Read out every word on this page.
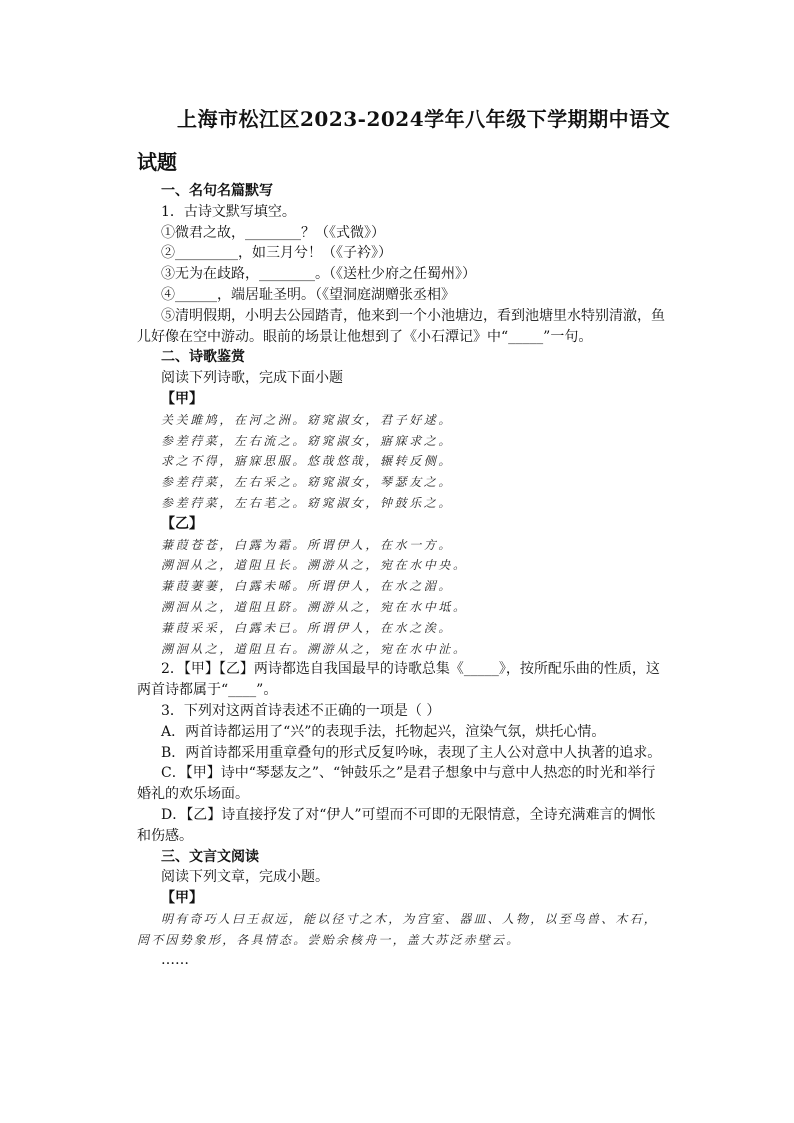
上海市松江区2023-2024学年八年级下学期期中语文
试题

一、名句名篇默写

1．古诗文默写填空。

①微君之故，________？（《式微》）

②_________，如三月兮！（《子衿》）

③无为在歧路，________。（《送杜少府之任蜀州》）

④______，端居耻圣明。（《望洞庭湖赠张丞相》

⑤清明假期，小明去公园踏青，他来到一个小池塘边，看到池塘里水特别清澈，鱼儿好像在空中游动。眼前的场景让他想到了《小石潭记》中“_____”一句。

二、诗歌鉴赏

阅读下列诗歌，完成下面小题

【甲】

关关雎鸠，在河之洲。窈窕淑女，君子好逑。

参差荇菜，左右流之。窈窕淑女，寤寐求之。

求之不得，寤寐思服。悠哉悠哉，辗转反侧。

参差荇菜，左右采之。窈窕淑女，琴瑟友之。

参差荇菜，左右芼之。窈窕淑女，钟鼓乐之。

【乙】

蒹葭苍苍，白露为霜。所谓伊人，在水一方。

溯洄从之，道阻且长。溯游从之，宛在水中央。

蒹葭萋萋，白露未晞。所谓伊人，在水之湄。

溯洄从之，道阻且跻。溯游从之，宛在水中坻。

蒹葭采采，白露未已。所谓伊人，在水之涘。

溯洄从之，道阻且右。溯游从之，宛在水中沚。

2．【甲】【乙】两诗都选自我国最早的诗歌总集《_____》，按所配乐曲的性质，这两首诗都属于“____”。

3．下列对这两首诗表述不正确的一项是（ ）

A．两首诗都运用了“兴”的表现手法，托物起兴，渲染气氛，烘托心情。

B．两首诗都采用重章叠句的形式反复吟咏，表现了主人公对意中人执著的追求。

C．【甲】诗中“琴瑟友之”、“钟鼓乐之”是君子想象中与意中人热恋的时光和举行婚礼的欢乐场面。

D．【乙】诗直接抒发了对“伊人”可望而不可即的无限情意，全诗充满难言的惆怅和伤感。

三、文言文阅读

阅读下列文章，完成小题。

【甲】

明有奇巧人曰王叔远，能以径寸之木，为宫室、器皿、人物，以至鸟兽、木石，罔不因势象形，各具情态。尝贻余核舟一，盖大苏泛赤壁云。

……
